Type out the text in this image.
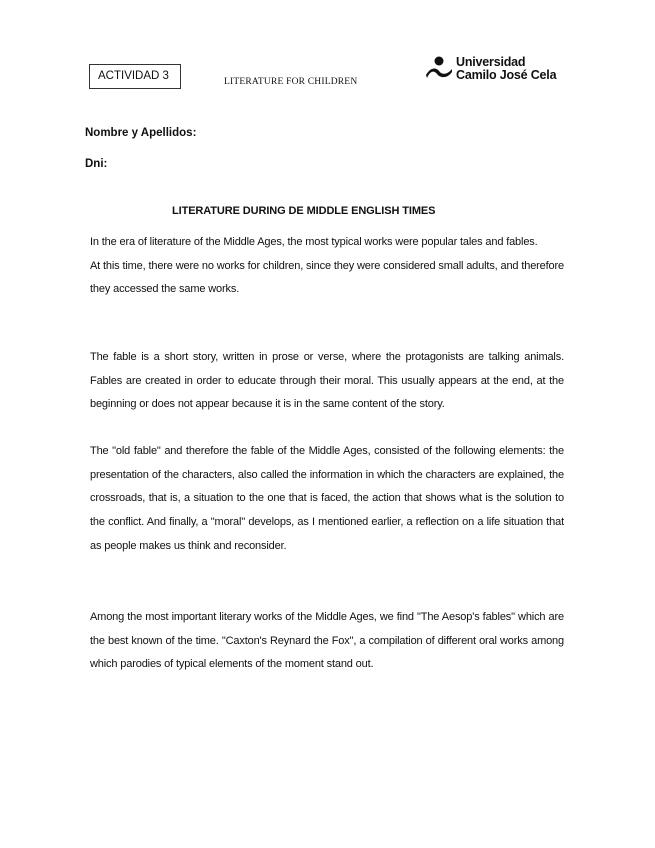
ACTIVIDAD 3	LITERATURE FOR CHILDREN
Universidad
Camilo José Cela
Nombre y Apellidos:
Dni:
LITERATURE DURING DE MIDDLE ENGLISH TIMES
In the era of literature of the Middle Ages, the most typical works were popular tales and fables.
At this time, there were no works for children, since they were considered small adults, and therefore they accessed the same works.
The fable is a short story, written in prose or verse, where the protagonists are talking animals. Fables are created in order to educate through their moral. This usually appears at the end, at the beginning or does not appear because it is in the same content of the story.
The "old fable" and therefore the fable of the Middle Ages, consisted of the following elements: the presentation of the characters, also called the information in which the characters are explained, the crossroads, that is, a situation to the one that is faced, the action that shows what is the solution to the conflict. And finally, a "moral" develops, as I mentioned earlier, a reflection on a life situation that as people makes us think and reconsider.
Among the most important literary works of the Middle Ages, we find "The Aesop's fables" which are the best known of the time. "Caxton's Reynard the Fox", a compilation of different oral works among which parodies of typical elements of the moment stand out.
